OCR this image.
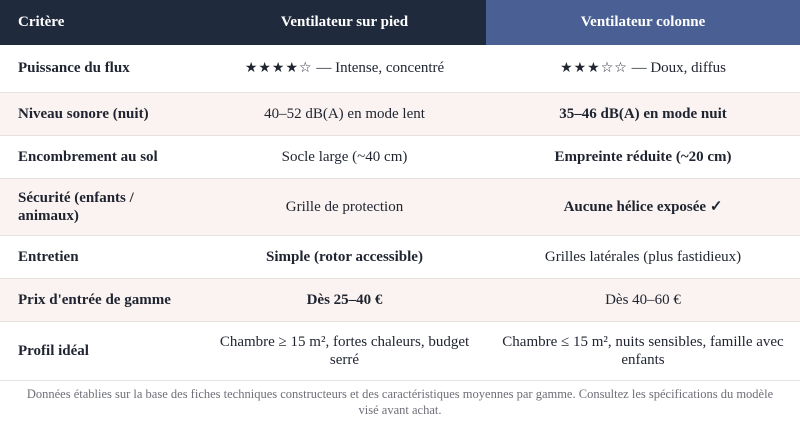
Critère	Ventilateur sur pied	Ventilateur colonne
Puissance du flux	★★★★☆ — Intense, concentré	★★★☆☆ — Doux, diffus
Niveau sonore (nuit)	40–52 dB(A) en mode lent	35–46 dB(A) en mode nuit
Encombrement au sol	Socle large (~40 cm)	Empreinte réduite (~20 cm)
Sécurité (enfants / animaux)	Grille de protection	Aucune hélice exposée ✓
Entretien	Simple (rotor accessible)	Grilles latérales (plus fastidieux)
Prix d'entrée de gamme	Dès 25–40 €	Dès 40–60 €
Profil idéal	Chambre ≥ 15 m², fortes chaleurs, budget serré	Chambre ≤ 15 m², nuits sensibles, famille avec enfants
Données établies sur la base des fiches techniques constructeurs et des caractéristiques moyennes par gamme. Consultez les spécifications du modèle visé avant achat.
